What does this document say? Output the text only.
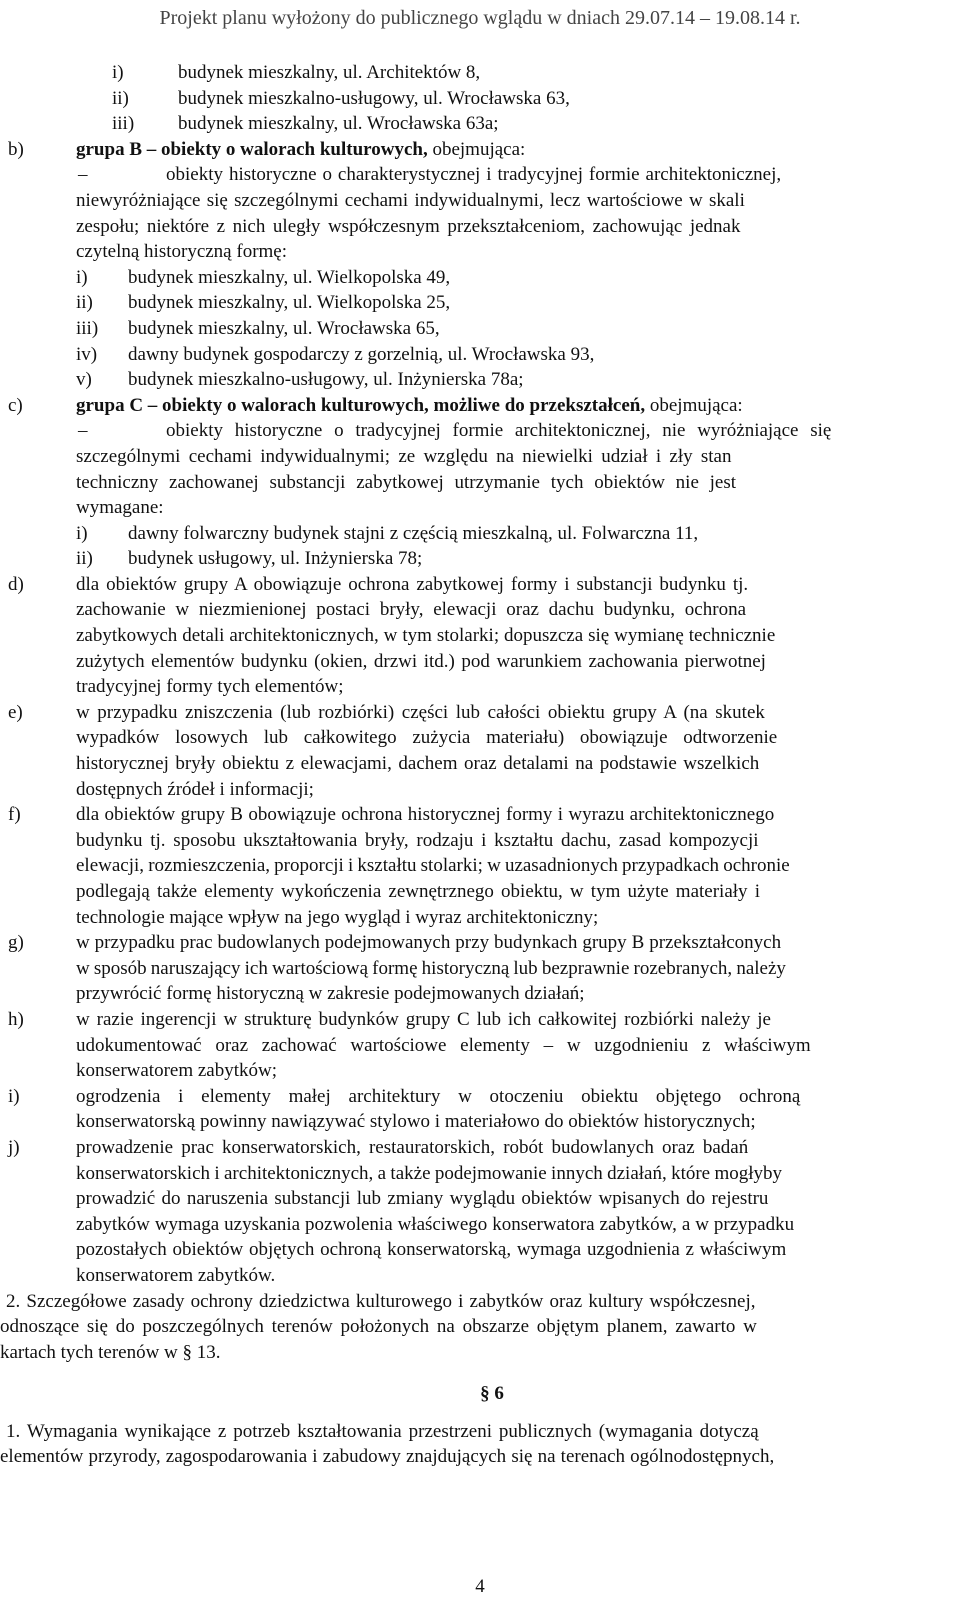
Projekt planu wyłożony do publicznego wglądu w dniach 29.07.14 – 19.08.14 r.
i)	budynek mieszkalny, ul. Architektów 8,
ii)	budynek mieszkalno-usługowy, ul. Wrocławska 63,
iii) budynek mieszkalny, ul. Wrocławska 63a;
b)	grupa B – obiekty o walorach kulturowych, obejmująca:
–	obiekty historyczne o charakterystycznej i tradycyjnej formie architektonicznej,
niewyróżniające się szczególnymi cechami indywidualnymi, lecz wartościowe w skali
zespołu; niektóre z nich uległy współczesnym przekształceniom, zachowując jednak
czytelną historyczną formę:
i) budynek mieszkalny, ul. Wielkopolska 49,
ii) budynek mieszkalny, ul. Wielkopolska 25,
iii) budynek mieszkalny, ul. Wrocławska 65,
iv) dawny budynek gospodarczy z gorzelnią, ul. Wrocławska 93,
v) budynek mieszkalno-usługowy, ul. Inżynierska 78a;
c)	grupa C – obiekty o walorach kulturowych, możliwe do przekształceń, obejmująca:
–	obiekty historyczne o tradycyjnej formie architektonicznej, nie wyróżniające się
szczególnymi cechami indywidualnymi; ze względu na niewielki udział i zły stan
techniczny zachowanej substancji zabytkowej utrzymanie tych obiektów nie jest
wymagane:
i) dawny folwarczny budynek stajni z częścią mieszkalną, ul. Folwarczna 11,
ii) budynek usługowy, ul. Inżynierska 78;
d)	dla obiektów grupy A obowiązuje ochrona zabytkowej formy i substancji budynku tj.
zachowanie w niezmienionej postaci bryły, elewacji oraz dachu budynku, ochrona
zabytkowych detali architektonicznych, w tym stolarki; dopuszcza się wymianę technicznie
zużytych elementów budynku (okien, drzwi itd.) pod warunkiem zachowania pierwotnej
tradycyjnej formy tych elementów;
e)	w przypadku zniszczenia (lub rozbiórki) części lub całości obiektu grupy A (na skutek
wypadków losowych lub całkowitego zużycia materiału) obowiązuje odtworzenie
historycznej bryły obiektu z elewacjami, dachem oraz detalami na podstawie wszelkich
dostępnych źródeł i informacji;
f)	dla obiektów grupy B obowiązuje ochrona historycznej formy i wyrazu architektonicznego
budynku tj. sposobu ukształtowania bryły, rodzaju i kształtu dachu, zasad kompozycji
elewacji, rozmieszczenia, proporcji i kształtu stolarki; w uzasadnionych przypadkach ochronie
podlegają także elementy wykończenia zewnętrznego obiektu, w tym użyte materiały i
technologie mające wpływ na jego wygląd i wyraz architektoniczny;
g)	w przypadku prac budowlanych podejmowanych przy budynkach grupy B przekształconych
w sposób naruszający ich wartościową formę historyczną lub bezprawnie rozebranych, należy
przywrócić formę historyczną w zakresie podejmowanych działań;
h)	w razie ingerencji w strukturę budynków grupy C lub ich całkowitej rozbiórki należy je
udokumentować oraz zachować wartościowe elementy – w uzgodnieniu z właściwym
konserwatorem zabytków;
i)	ogrodzenia i elementy małej architektury w otoczeniu obiektu objętego ochroną
konserwatorską powinny nawiązywać stylowo i materiałowo do obiektów historycznych;
j)	prowadzenie prac konserwatorskich, restauratorskich, robót budowlanych oraz badań
konserwatorskich i architektonicznych, a także podejmowanie innych działań, które mogłyby
prowadzić do naruszenia substancji lub zmiany wyglądu obiektów wpisanych do rejestru
zabytków wymaga uzyskania pozwolenia właściwego konserwatora zabytków, a w przypadku
pozostałych obiektów objętych ochroną konserwatorską, wymaga uzgodnienia z właściwym
konserwatorem zabytków.
2. Szczegółowe zasady ochrony dziedzictwa kulturowego i zabytków oraz kultury współczesnej,
odnoszące się do poszczególnych terenów położonych na obszarze objętym planem, zawarto w
kartach tych terenów w § 13.
§ 6
1. Wymagania wynikające z potrzeb kształtowania przestrzeni publicznych (wymagania dotyczą
elementów przyrody, zagospodarowania i zabudowy znajdujących się na terenach ogólnodostępnych,
4
